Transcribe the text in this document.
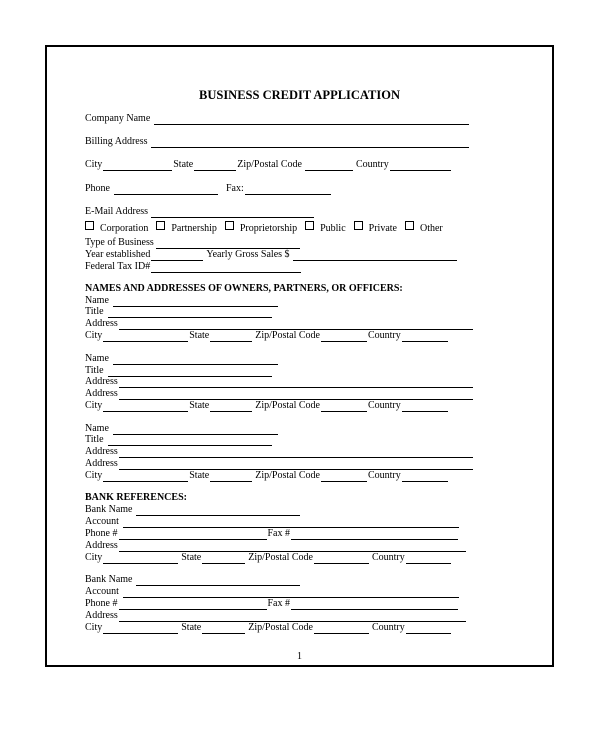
BUSINESS CREDIT APPLICATION
Company Name
Billing Address
City	State	Zip/Postal Code	Country
Phone	Fax:
E-Mail Address
Corporation	Partnership	Proprietorship	Public	Private	Other
Type of Business
Year established	Yearly Gross Sales $
Federal Tax ID#
NAMES AND ADDRESSES OF OWNERS, PARTNERS, OR OFFICERS:
Name
Title
Address
City	State	Zip/Postal Code	Country
Name
Title
Address
Address
City	State	Zip/Postal Code	Country
Name
Title
Address
Address
City	State	Zip/Postal Code	Country
BANK REFERENCES:
Bank Name
Account
Phone #	Fax #
Address
City	State	Zip/Postal Code	Country
Bank Name
Account
Phone #	Fax #
Address
City	State	Zip/Postal Code	Country
1
